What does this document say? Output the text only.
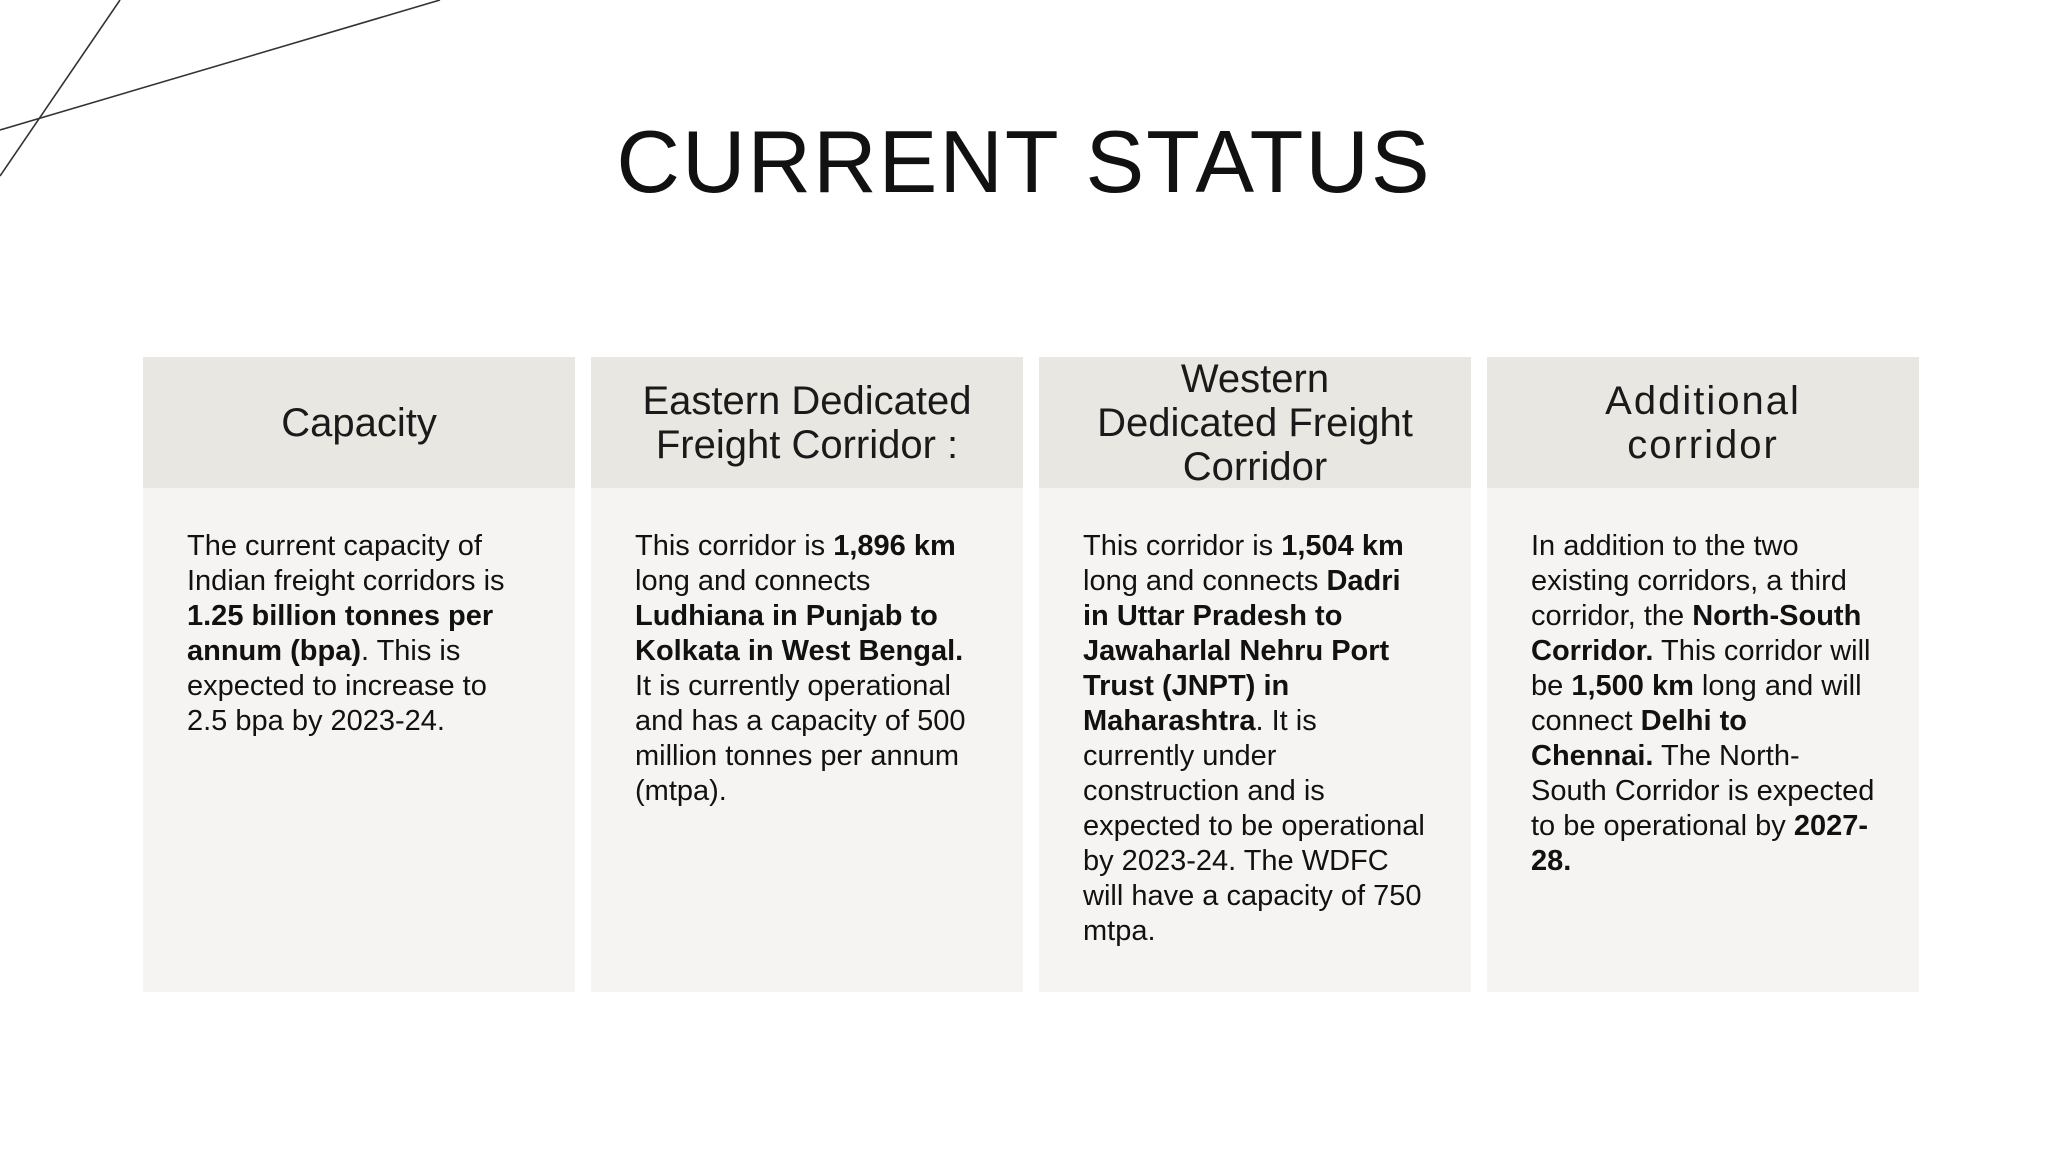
CURRENT STATUS
Capacity
The current capacity of Indian freight corridors is 1.25 billion tonnes per annum (bpa). This is expected to increase to 2.5 bpa by 2023-24.
Eastern Dedicated
Freight Corridor :
This corridor is 1,896 km long and connects Ludhiana in Punjab to Kolkata in West Bengal. It is currently operational and has a capacity of 500 million tonnes per annum (mtpa).
Western
Dedicated Freight
Corridor
This corridor is 1,504 km long and connects Dadri in Uttar Pradesh to Jawaharlal Nehru Port Trust (JNPT) in Maharashtra. It is currently under construction and is expected to be operational by 2023-24. The WDFC will have a capacity of 750 mtpa.
Additional
corridor
In addition to the two existing corridors, a third corridor, the North-South Corridor. This corridor will be 1,500 km long and will connect Delhi to Chennai. The North-South Corridor is expected to be operational by 2027-28.
